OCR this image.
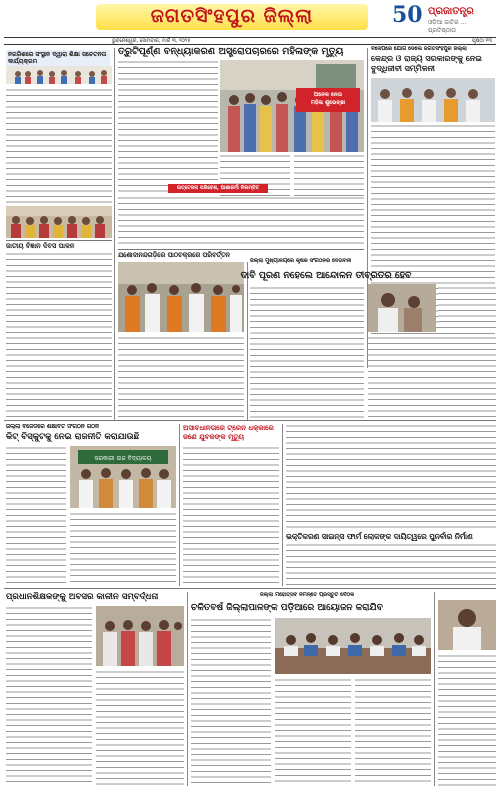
ଜଗତସିଂହପୁର ଜିଲ୍ଲା	50 ପ୍ରଜାତନ୍ତ୍ର
ଓଡ଼ିଆ ଜାତିର ... ପ୍ରତିଷ୍ଠାତା
ଭୁବନେଶ୍ୱର, ସୋମବାର, ମାର୍ଚ୍ଚ ୩, ୨୦୨୫	ପୃଷ୍ଠା ୧୩
ନଗରିଶରେ ସଂସ୍ଥାନ ଦ୍ୱାରା ଶିକ୍ଷା ସଚେତନତା କାର୍ଯ୍ୟକ୍ରମ
ଜାତୀୟ ବିଜ୍ଞାନ ଦିବସ ପାଳନ
ତ୍ରୁଟିପୂର୍ଣ୍ଣ ବନ୍ଧ୍ୟାକରଣ ଅସ୍ତ୍ରୋପଚାରରେ ମହିଳାଙ୍କ ମୃତ୍ୟୁ
ଉତ୍ତେଜନା ପରିବେଶ, ଆଶାକର୍ମୀ ନିଲମ୍ବିତ
ବିଜେପିରେ ଯୋଗ ଦେଲେ ଜଗତସିଂହପୁର ଜିଲ୍ଲା
କେନ୍ଦ୍ର ଓ ରାଜ୍ୟ ସରକାରଙ୍କୁ ନେଇ ବୁଦ୍ଧିଜୀବୀ ସମ୍ମିଳନୀ
ଅନେକ ନେତା
ମହିଳା ଶୁଭେଚ୍ଛା
ଯଶୋଦାନନ୍ଦଗଡ଼ିରେ ପାଠଚକ୍ରରେ ପରିବର୍ତ୍ତନ
ଜିଲ୍ଲା ମୁଖ୍ୟାଳୟରେ କୃଷକ ସଂଗଠନର ଦେତାବନୀ
ଦାବି ପୂରଣ ନହେଲେ ଆନ୍ଦୋଳନ ତୀବ୍ରତର ହେବ
ଜିଲ୍ଲା ବିଜେଡିରେ ଶିକ୍ଷାବିତ ସଂଗଠନ ଗଠନ
କିଟ୍ ବିସ୍କୁଟକୁ ନେଇ ରାଜନୀତି କରାଯାଉଛି
ସରକାରୀ ଉଚ୍ଚ ବିଦ୍ୟାଳୟ
ଅସାବଧାନତାରେ ଟ୍ରେନ ଧକ୍କାରେ ଜଣେ ଯୁବକଙ୍କ ମୃତ୍ୟୁ
ଭକ୍ତିକରଣ ସାଇନ୍ସ ଫାର୍ମ ଲୋକଙ୍କ ଦାୟିତ୍ୱରେ ପୁନର୍ବାର ନିର୍ମାଣ
ପ୍ରଧାନଶିକ୍ଷକଙ୍କୁ ଅବସର କାଳୀନ ସମ୍ବର୍ଦ୍ଧନା	ଜିଲ୍ଲା ମହୋତ୍ସବ ନିମନ୍ତେ ପ୍ରସ୍ତୁତି ବୈଠକ
ଚଳିତବର୍ଷ ଜିଲ୍ଲାପାଳଙ୍କ ପଡ଼ିଆରେ ଆୟୋଜନ କରାଯିବ
